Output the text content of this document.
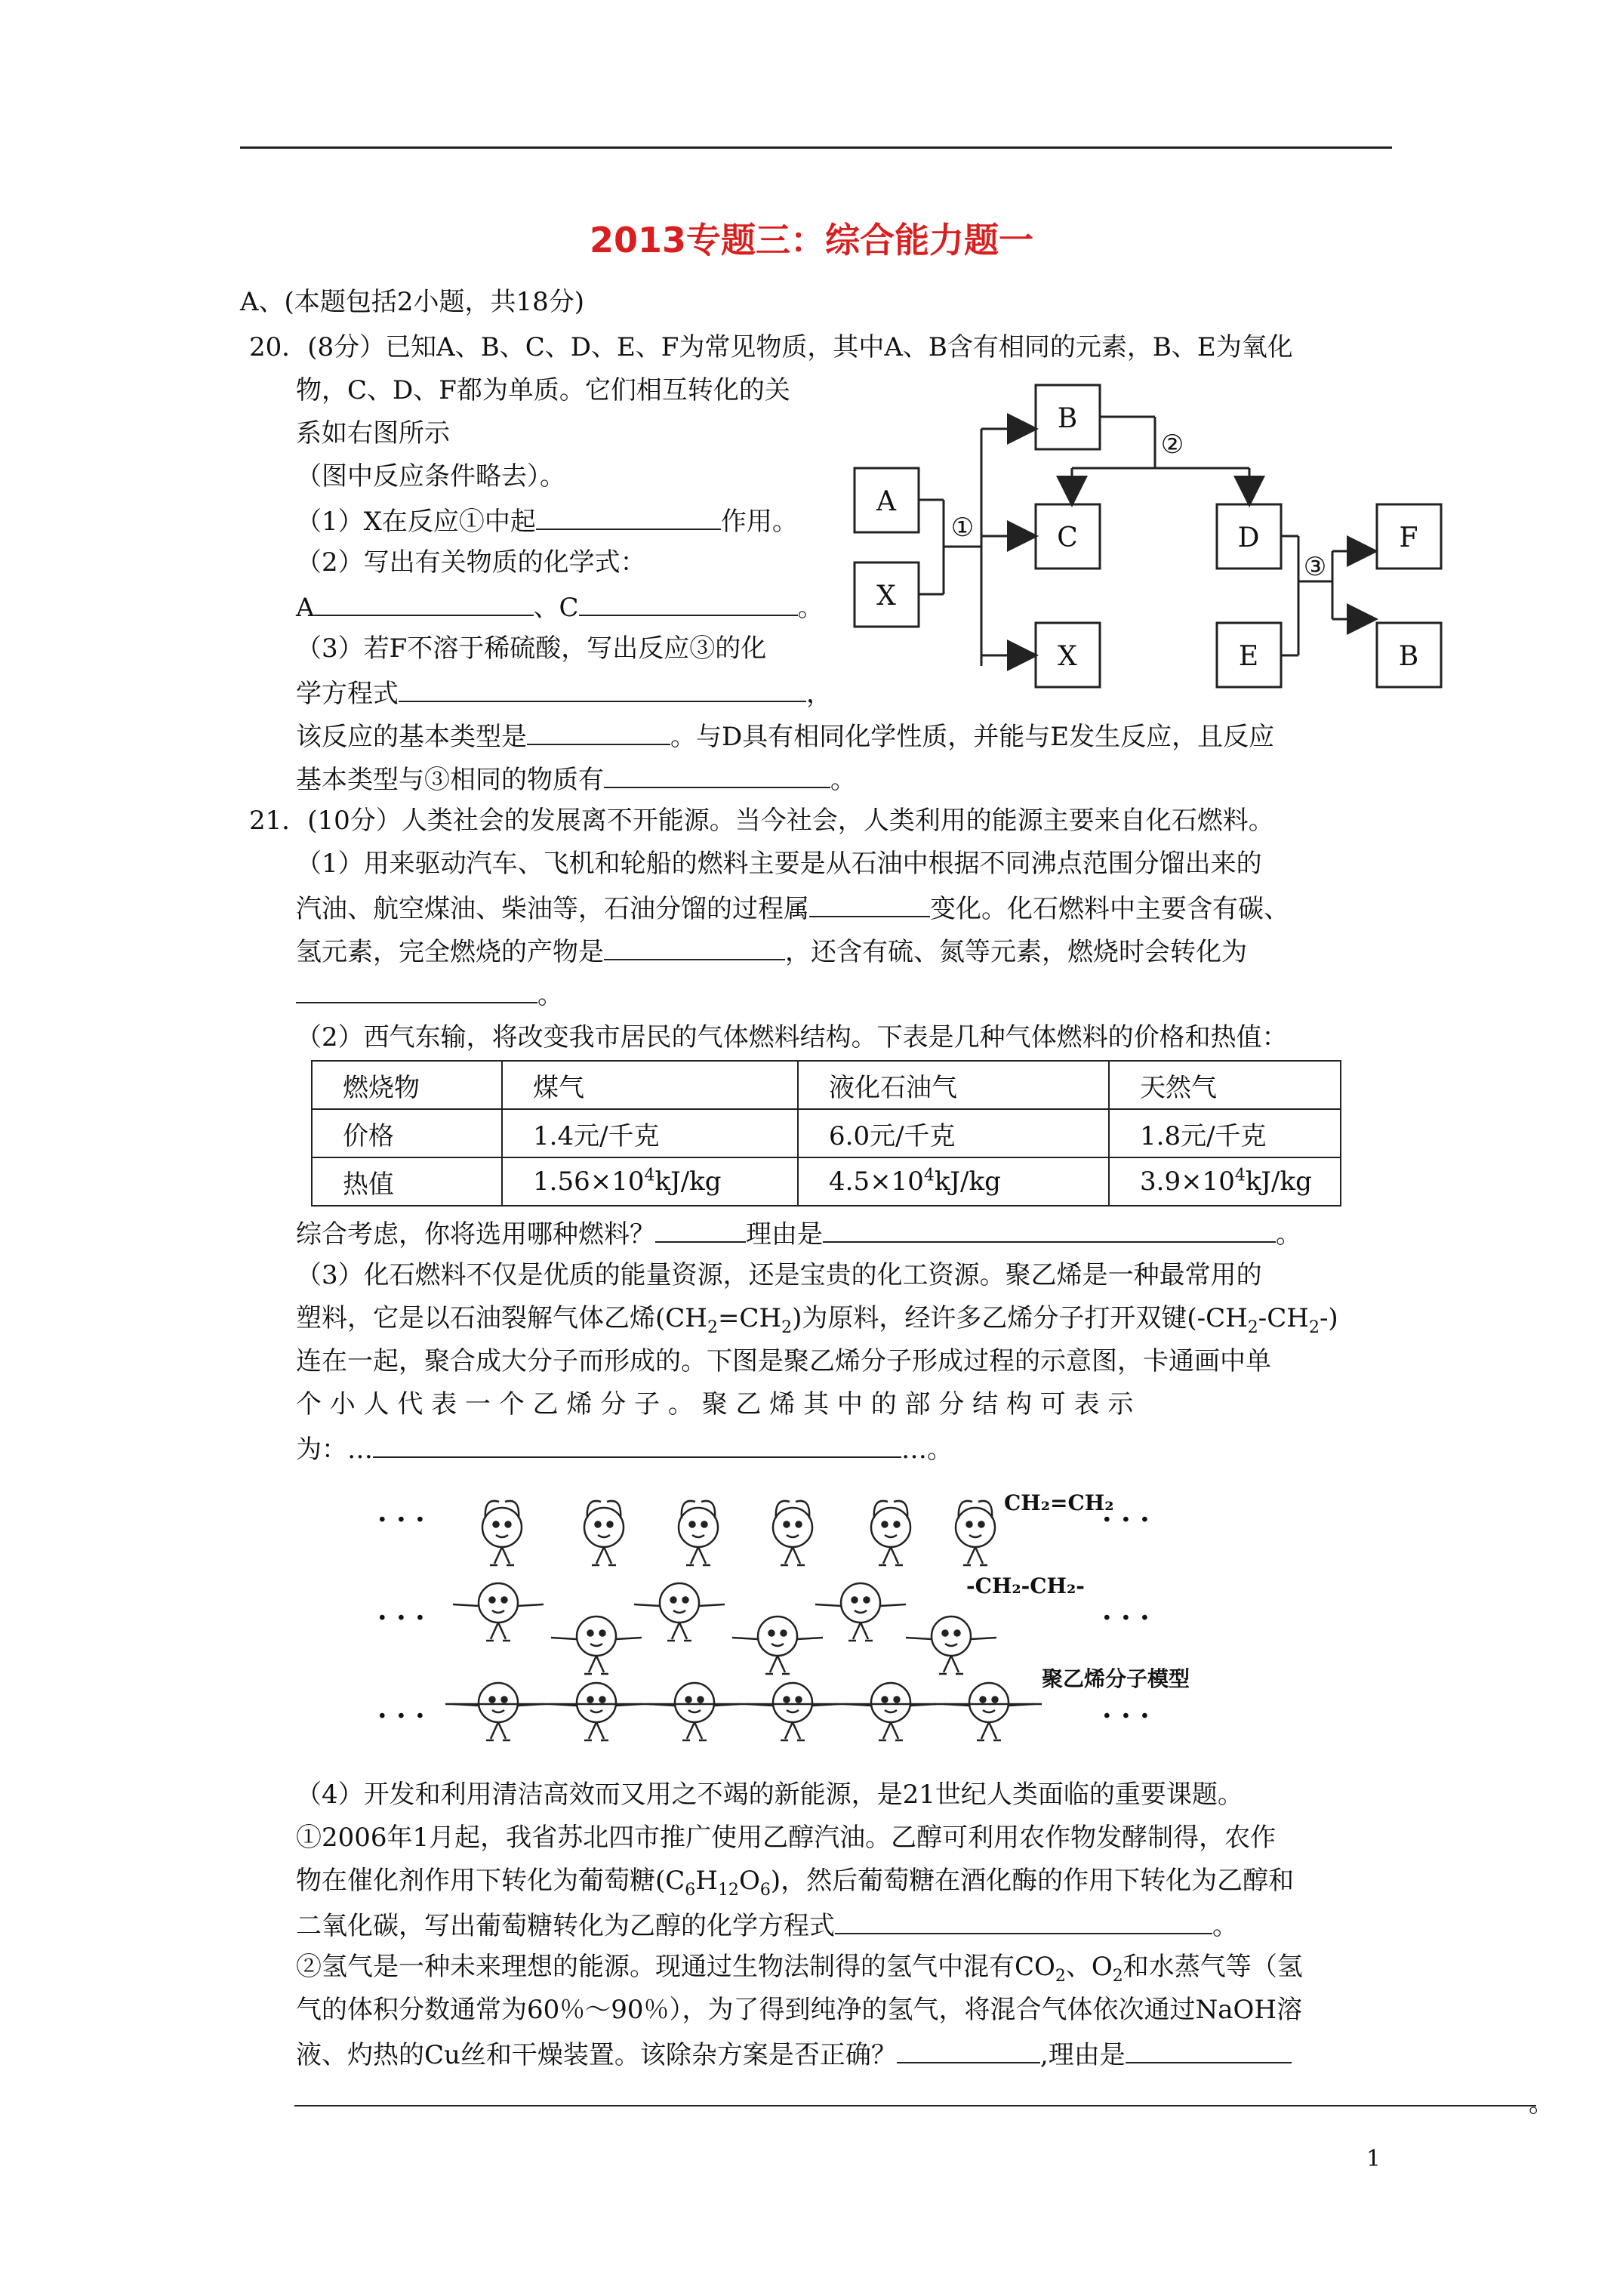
2013专题三：综合能力题一
A、(本题包括2小题，共18分)
20．(8分）已知A、B、C、D、E、F为常见物质，其中A、B含有相同的元素，B、E为氧化
物，C、D、F都为单质。它们相互转化的关
系如右图所示
（图中反应条件略去）。
（1）X在反应①中起	作用。
（2）写出有关物质的化学式：
A	、C	。
（3）若F不溶于稀硫酸，写出反应③的化
学方程式	，
该反应的基本类型是	。与D具有相同化学性质，并能与E发生反应，且反应
基本类型与③相同的物质有	。
A
X
B
C
X
D
E
F
B
①
②
③
21．(10分）人类社会的发展离不开能源。当今社会，人类利用的能源主要来自化石燃料。
（1）用来驱动汽车、飞机和轮船的燃料主要是从石油中根据不同沸点范围分馏出来的
汽油、航空煤油、柴油等，石油分馏的过程属	变化。化石燃料中主要含有碳、
氢元素，完全燃烧的产物是	，还含有硫、氮等元素，燃烧时会转化为
。
（2）西气东输，将改变我市居民的气体燃料结构。下表是几种气体燃料的价格和热值：
燃烧物	煤气	液化石油气	天然气
价格	1.4元/千克	6.0元/千克	1.8元/千克
热值	$1.56\times 10^4kJ/kg$	$4.5\times 10^4kJ/kg$	$3.9\times 10^4kJ/kg$
综合考虑，你将选用哪种燃料？	理由是	。
（3）化石燃料不仅是优质的能量资源，还是宝贵的化工资源。聚乙烯是一种最常用的
塑料，它是以石油裂解气体乙烯$(CH_2=CH_2)$为原料，经许多乙烯分子打开双键$(-CH_2-CH_2-)$
连在一起，聚合成大分子而形成的。下图是聚乙烯分子形成过程的示意图，卡通画中单
个 小 人 代 表 一 个 乙 烯 分 子 。 聚 乙 烯 其 中 的 部 分 结 构 可 表 示
为：…	…。
· · ·	· · ·
· · ·	· · ·
· · ·	· · ·
CH₂=CH₂
-CH₂-CH₂-
聚乙烯分子模型
（4）开发和利用清洁高效而又用之不竭的新能源，是21世纪人类面临的重要课题。
①2006年1月起，我省苏北四市推广使用乙醇汽油。乙醇可利用农作物发酵制得，农作
物在催化剂作用下转化为葡萄糖$(C_6H_{12}O_6)$，然后葡萄糖在酒化酶的作用下转化为乙醇和
二氧化碳，写出葡萄糖转化为乙醇的化学方程式	。
②氢气是一种未来理想的能源。现通过生物法制得的氢气中混有$CO_2$、$O_2$和水蒸气等（氢
气的体积分数通常为60％～90％），为了得到纯净的氢气，将混合气体依次通过NaOH溶
液、灼热的Cu丝和干燥装置。该除杂方案是否正确？	,理由是
。
1
